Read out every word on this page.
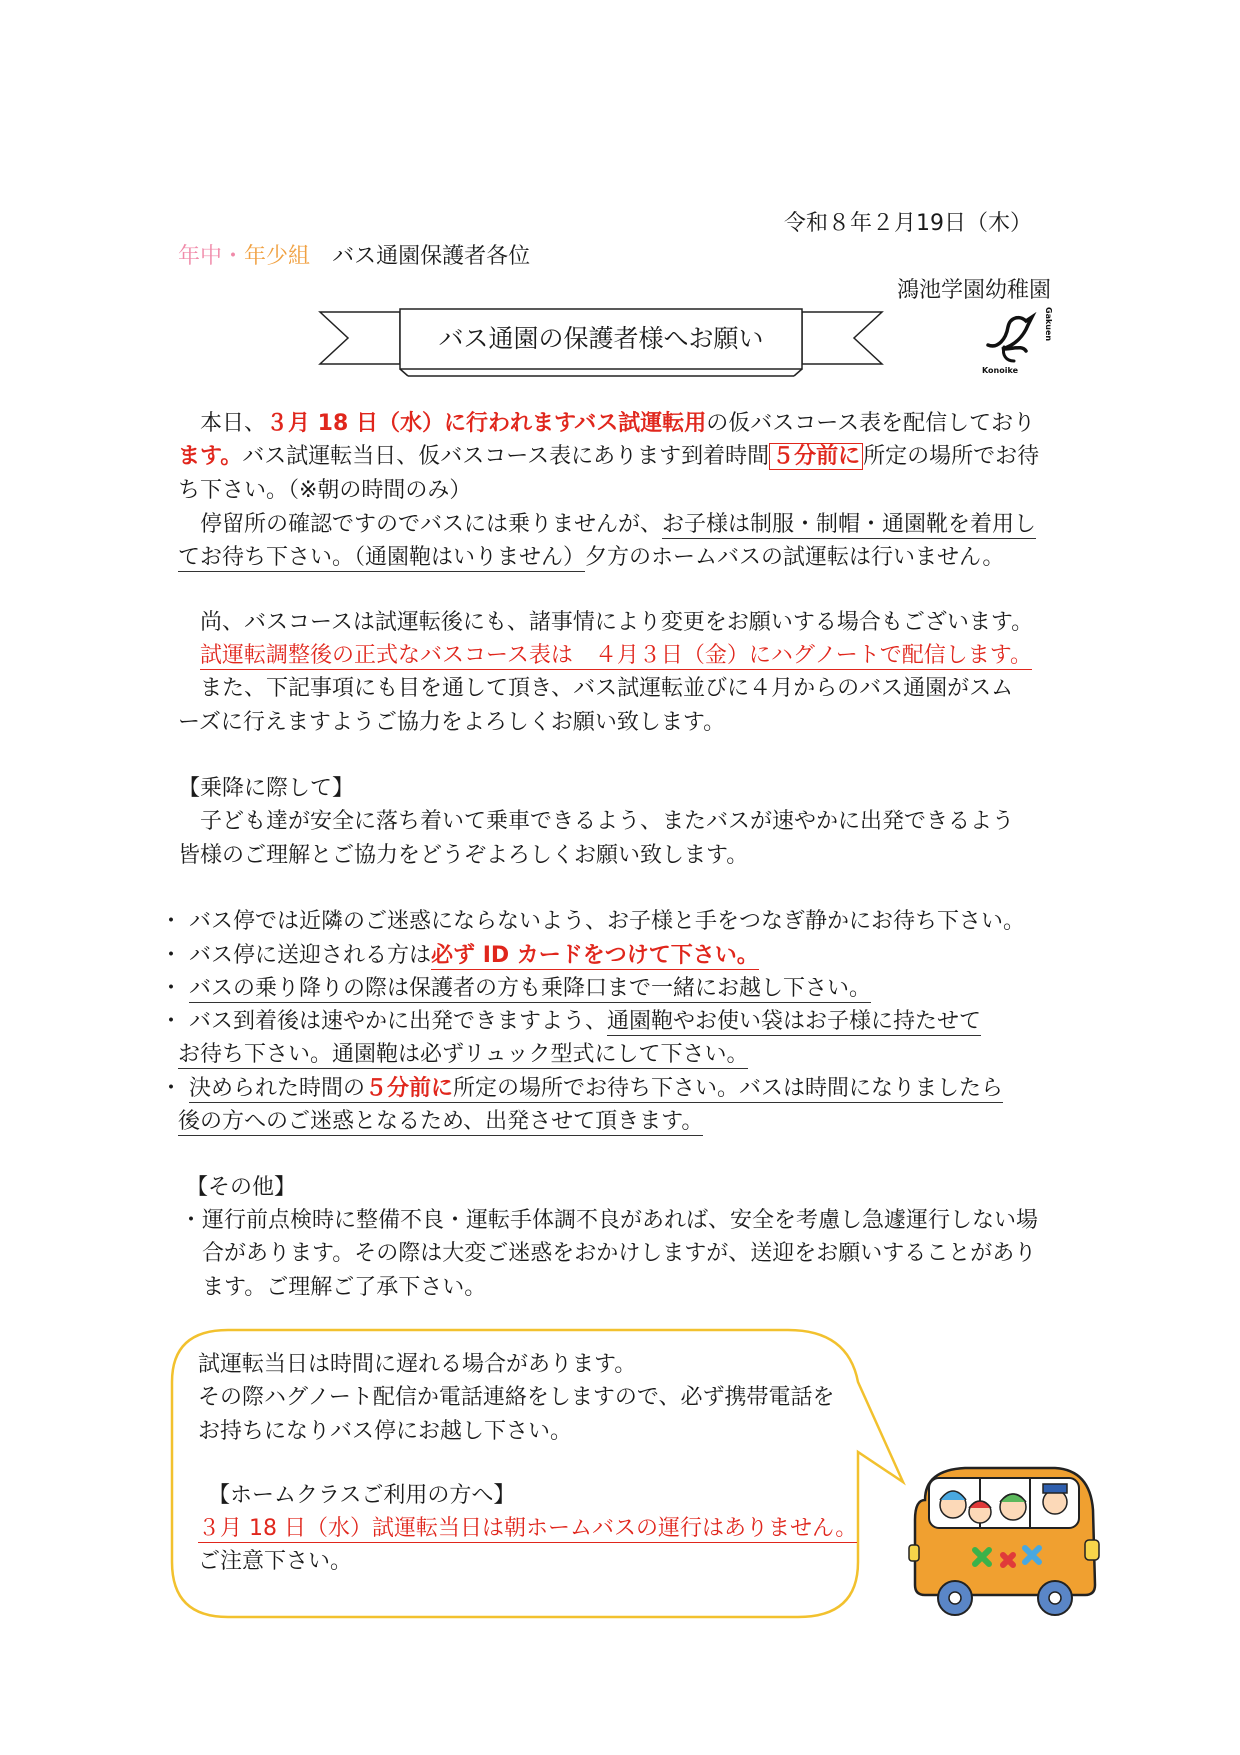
令和８年２月19日（木）
年中・年少組　 バス通園保護者各位
鴻池学園幼稚園
Konoike
Gakuen
バス通園の保護者様へお願い
本日、３月 18 日（水）に行われますバス試運転用の仮バスコース表を配信しており
ます。バス試運転当日、仮バスコース表にあります到着時間 ５分前に 所定の場所でお待
ち下さい。（※朝の時間のみ）
停留所の確認ですのでバスには乗りませんが、お子様は制服・制帽・通園靴を着用し
てお待ち下さい。（通園鞄はいりません）夕方のホームバスの試運転は行いません。
尚、バスコースは試運転後にも、諸事情により変更をお願いする場合もございます。
試運転調整後の正式なバスコース表は　４月３日（金）にハグノートで配信します。
また、下記事項にも目を通して頂き、バス試運転並びに４月からのバス通園がスム
ーズに行えますようご協力をよろしくお願い致します。
【乗降に際して】
子ども達が安全に落ち着いて乗車できるよう、またバスが速やかに出発できるよう
皆様のご理解とご協力をどうぞよろしくお願い致します。
・ バス停では近隣のご迷惑にならないよう、お子様と手をつなぎ静かにお待ち下さい。
・ バス停に送迎される方は必ず ID カードをつけて下さい。
・ バスの乗り降りの際は保護者の方も乗降口まで一緒にお越し下さい。
・ バス到着後は速やかに出発できますよう、通園鞄やお使い袋はお子様に持たせて
お待ち下さい。通園鞄は必ずリュック型式にして下さい。
・ 決められた時間の５分前に所定の場所でお待ち下さい。バスは時間になりましたら
後の方へのご迷惑となるため、出発させて頂きます。
【その他】
・運行前点検時に整備不良・運転手体調不良があれば、安全を考慮し急遽運行しない場
合があります。その際は大変ご迷惑をおかけしますが、送迎をお願いすることがあり
ます。ご理解ご了承下さい。
試運転当日は時間に遅れる場合があります。
その際ハグノート配信か電話連絡をしますので、必ず携帯電話を
お持ちになりバス停にお越し下さい。
【ホームクラスご利用の方へ】
３月 18 日（水）試運転当日は朝ホームバスの運行はありません。
ご注意下さい。
